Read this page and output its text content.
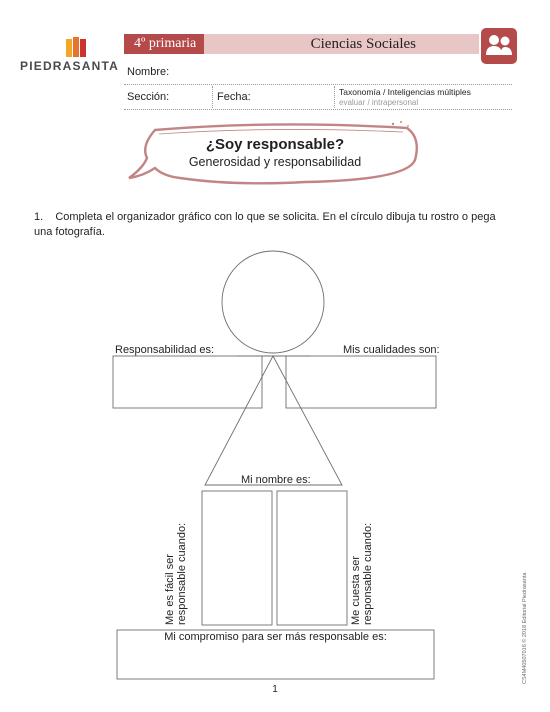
PIEDRASANTA
4º primaria	Ciencias Sociales
Nombre:
Sección:	Fecha:	Taxonomía / Inteligencias múltiples
evaluar / intrapersonal
¿Soy responsable?
Generosidad y responsabilidad
1. Completa el organizador gráfico con lo que se solicita. En el círculo dibuja tu rostro o pega una fotografía.
Responsabilidad es:	Mis cualidades son:
Mi nombre es:
Me es fácil ser responsable cuando:	Me cuesta ser responsable cuando:
Mi compromiso para ser más responsable es:	CS4M40507016 © 2018 Editorial Piedrasanta
1
